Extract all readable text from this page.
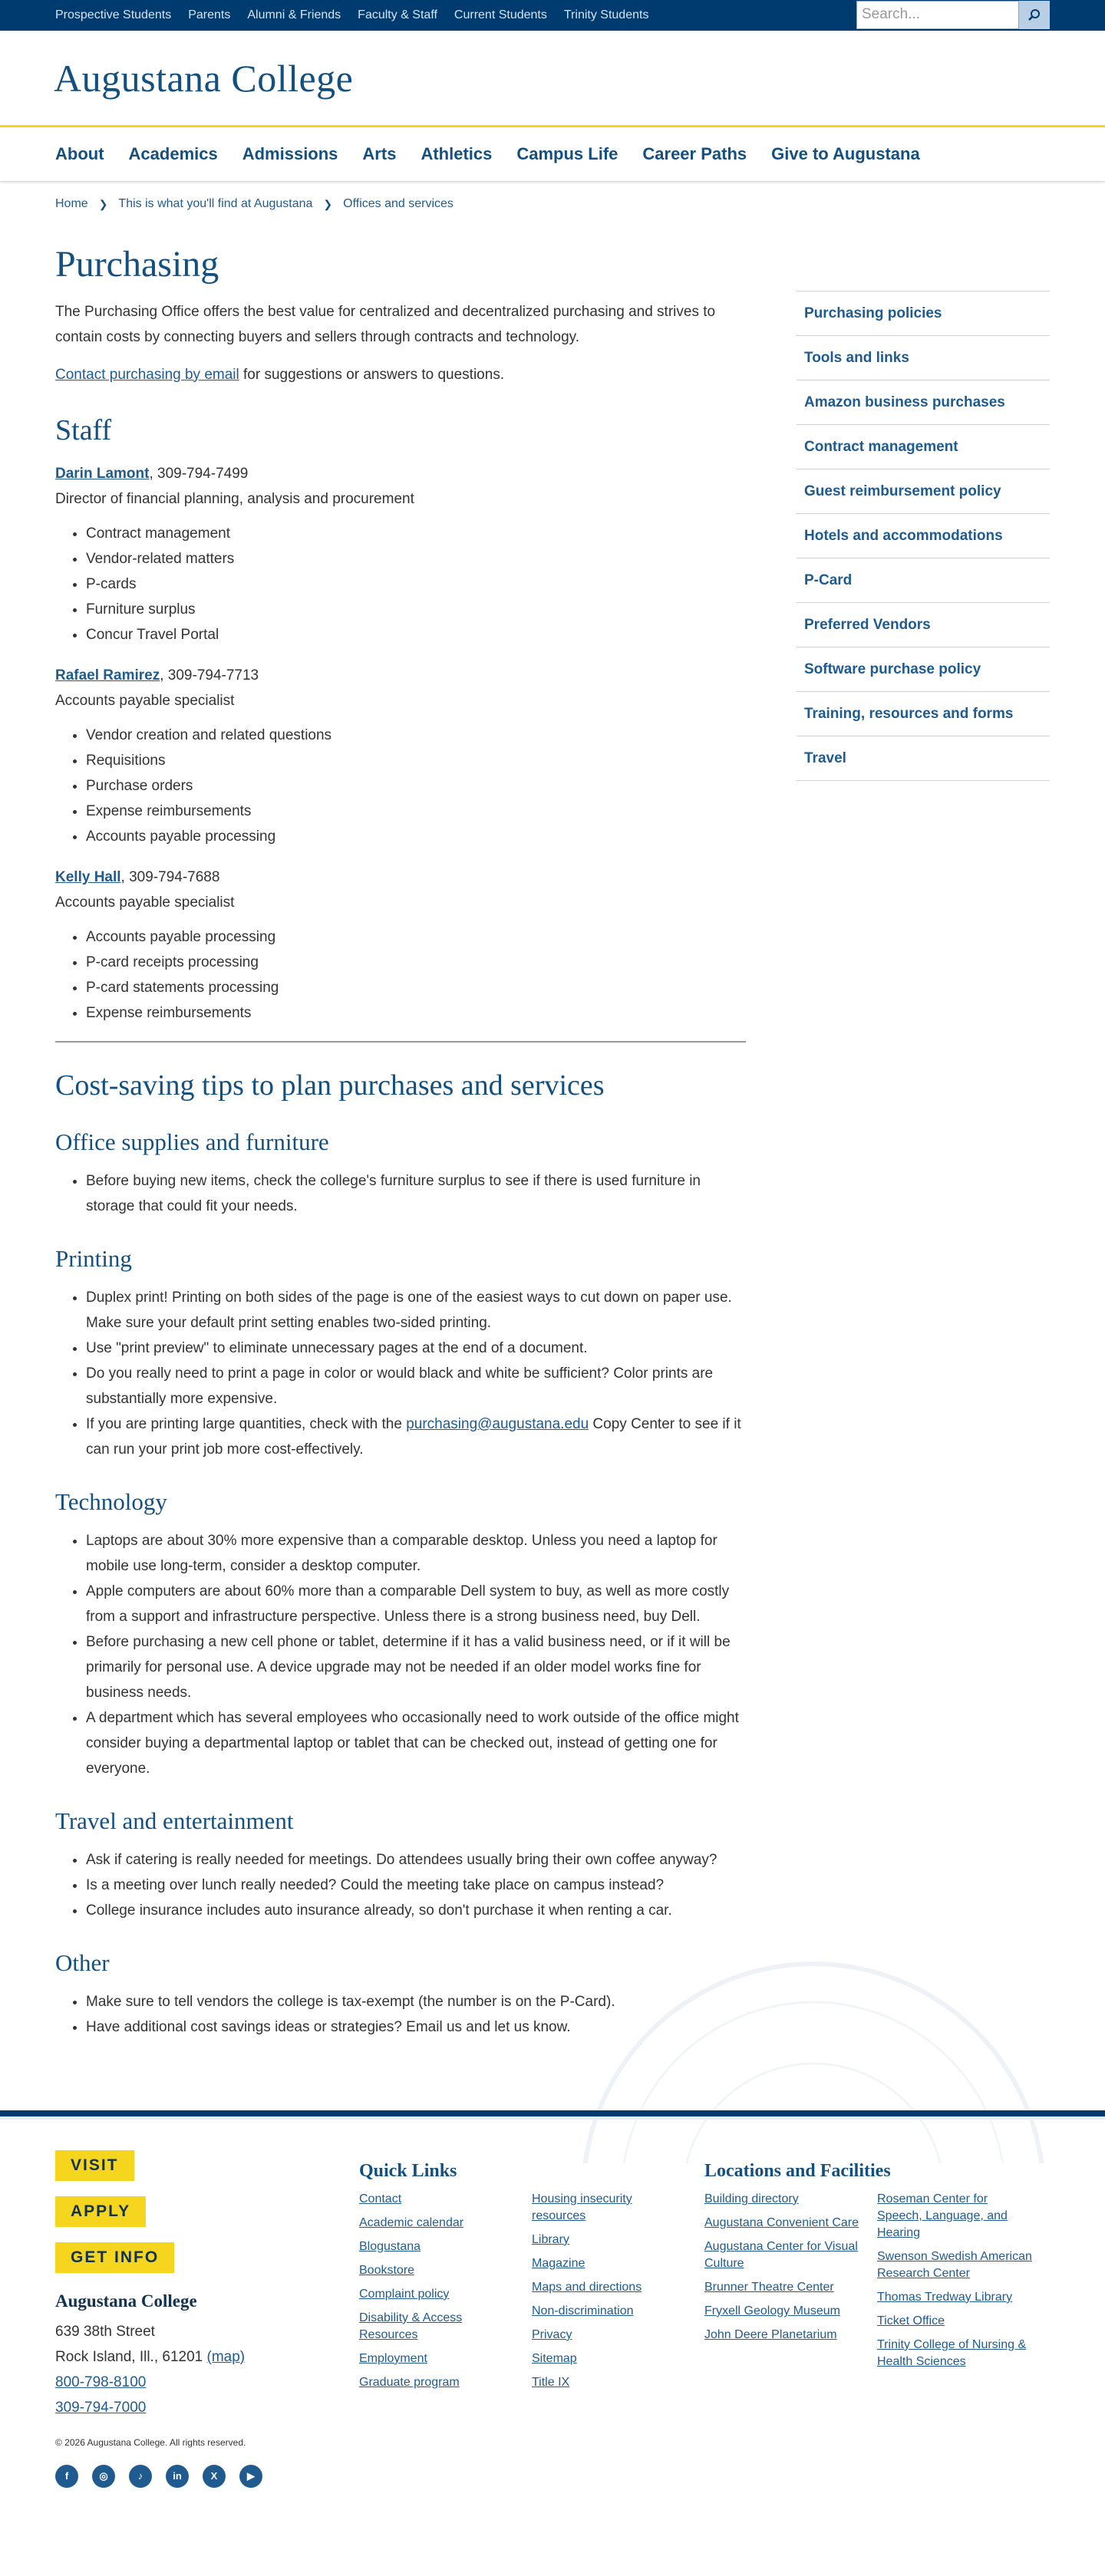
Prospective Students Parents Alumni & Friends Faculty & Staff Current Students Trinity Students	Search...
Augustana College
About Academics Admissions Arts Athletics Campus Life Career Paths Give to Augustana
Home ❯ This is what you'll find at Augustana ❯ Offices and services
Purchasing

The Purchasing Office offers the best value for centralized and decentralized purchasing and strives to contain costs by connecting buyers and sellers through contracts and technology.

Contact purchasing by email for suggestions or answers to questions.

Staff
Darin Lamont, 309-794-7499
Director of financial planning, analysis and procurement
• Contract management
• Vendor-related matters
• P-cards
• Furniture surplus
• Concur Travel Portal
Rafael Ramirez, 309-794-7713
Accounts payable specialist
• Vendor creation and related questions
• Requisitions
• Purchase orders
• Expense reimbursements
• Accounts payable processing
Kelly Hall, 309-794-7688
Accounts payable specialist
• Accounts payable processing
• P-card receipts processing
• P-card statements processing
• Expense reimbursements
Cost-saving tips to plan purchases and services
Office supplies and furniture
• Before buying new items, check the college's furniture surplus to see if there is used furniture in storage that could fit your needs.
Printing
• Duplex print! Printing on both sides of the page is one of the easiest ways to cut down on paper use. Make sure your default print setting enables two-sided printing.
• Use "print preview" to eliminate unnecessary pages at the end of a document.
• Do you really need to print a page in color or would black and white be sufficient? Color prints are substantially more expensive.
• If you are printing large quantities, check with the purchasing@augustana.edu Copy Center to see if it can run your print job more cost-effectively.
Technology
• Laptops are about 30% more expensive than a comparable desktop. Unless you need a laptop for mobile use long-term, consider a desktop computer.
• Apple computers are about 60% more than a comparable Dell system to buy, as well as more costly from a support and infrastructure perspective. Unless there is a strong business need, buy Dell.
• Before purchasing a new cell phone or tablet, determine if it has a valid business need, or if it will be primarily for personal use. A device upgrade may not be needed if an older model works fine for business needs.
• A department which has several employees who occasionally need to work outside of the office might consider buying a departmental laptop or tablet that can be checked out, instead of getting one for everyone.
Travel and entertainment
• Ask if catering is really needed for meetings. Do attendees usually bring their own coffee anyway?
• Is a meeting over lunch really needed? Could the meeting take place on campus instead?
• College insurance includes auto insurance already, so don't purchase it when renting a car.
Other
• Make sure to tell vendors the college is tax-exempt (the number is on the P-Card).
• Have additional cost savings ideas or strategies? Email us and let us know.
Purchasing policies
Tools and links
Amazon business purchases
Contract management
Guest reimbursement policy
Hotels and accommodations
P-Card
Preferred Vendors
Software purchase policy
Training, resources and forms
Travel
VISIT
APPLY
GET INFO
Augustana College
639 38th Street
Rock Island, Ill., 61201 (map)
800-798-8100
309-794-7000
© 2026 Augustana College. All rights reserved.
f	◎	♪	in	X	▶
Quick Links
Contact
Academic calendar
Blogustana
Bookstore
Complaint policy
Disability & Access Resources
Employment
Graduate program
Housing insecurity resources
Library
Magazine
Maps and directions
Non-discrimination
Privacy
Sitemap
Title IX
Locations and Facilities
Building directory
Augustana Convenient Care
Augustana Center for Visual Culture
Brunner Theatre Center
Fryxell Geology Museum
John Deere Planetarium
Roseman Center for Speech, Language, and Hearing
Swenson Swedish American Research Center
Thomas Tredway Library
Ticket Office
Trinity College of Nursing & Health Sciences
